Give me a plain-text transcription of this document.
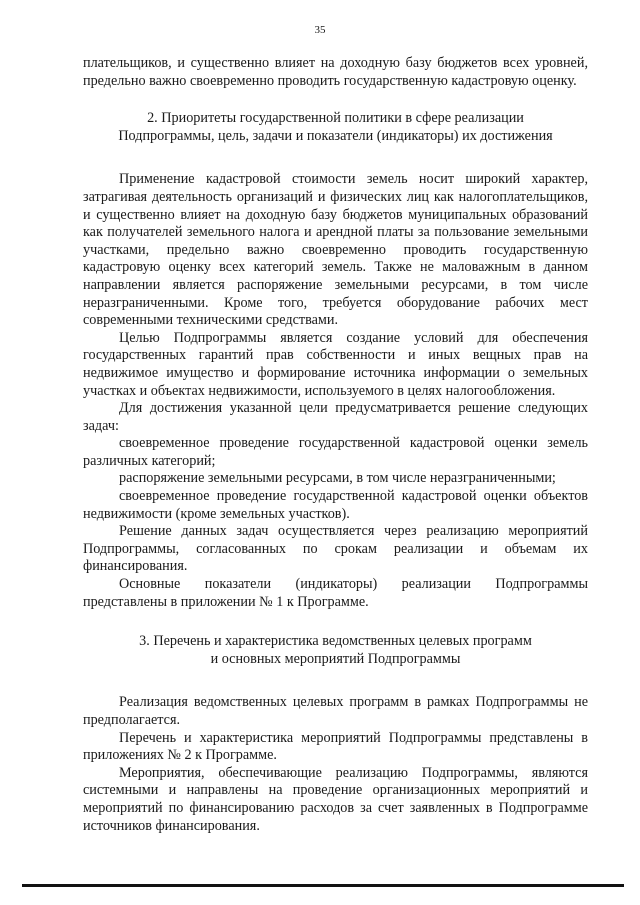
35

плательщиков, и существенно влияет на доходную базу бюджетов всех уровней, предельно важно своевременно проводить государственную кадастровую оценку.

2. Приоритеты государственной политики в сфере реализации
Подпрограммы, цель, задачи и показатели (индикаторы) их достижения

Применение кадастровой стоимости земель носит широкий характер, затрагивая деятельность организаций и физических лиц как налогоплательщиков, и существенно влияет на доходную базу бюджетов муниципальных образований как получателей земельного налога и арендной платы за пользование земельными участками, предельно важно своевременно проводить государственную кадастровую оценку всех категорий земель. Также не маловажным в данном направлении является распоряжение земельными ресурсами, в том числе неразграниченными. Кроме того, требуется оборудование рабочих мест современными техническими средствами.

Целью Подпрограммы является создание условий для обеспечения государственных гарантий прав собственности и иных вещных прав на недвижимое имущество и формирование источника информации о земельных участках и объектах недвижимости, используемого в целях налогообложения.

Для достижения указанной цели предусматривается решение следующих задач:

своевременное проведение государственной кадастровой оценки земель различных категорий;

распоряжение земельными ресурсами, в том числе неразграниченными;

своевременное проведение государственной кадастровой оценки объектов недвижимости (кроме земельных участков).

Решение данных задач осуществляется через реализацию мероприятий Подпрограммы, согласованных по срокам реализации и объемам их финансирования.

Основные показатели (индикаторы) реализации Подпрограммы представлены в приложении № 1 к Программе.

3. Перечень и характеристика ведомственных целевых программ
и основных мероприятий Подпрограммы

Реализация ведомственных целевых программ в рамках Подпрограммы не предполагается.

Перечень и характеристика мероприятий Подпрограммы представлены в приложениях № 2 к Программе.

Мероприятия, обеспечивающие реализацию Подпрограммы, являются системными и направлены на проведение организационных мероприятий и мероприятий по финансированию расходов за счет заявленных в Подпрограмме источников финансирования.
